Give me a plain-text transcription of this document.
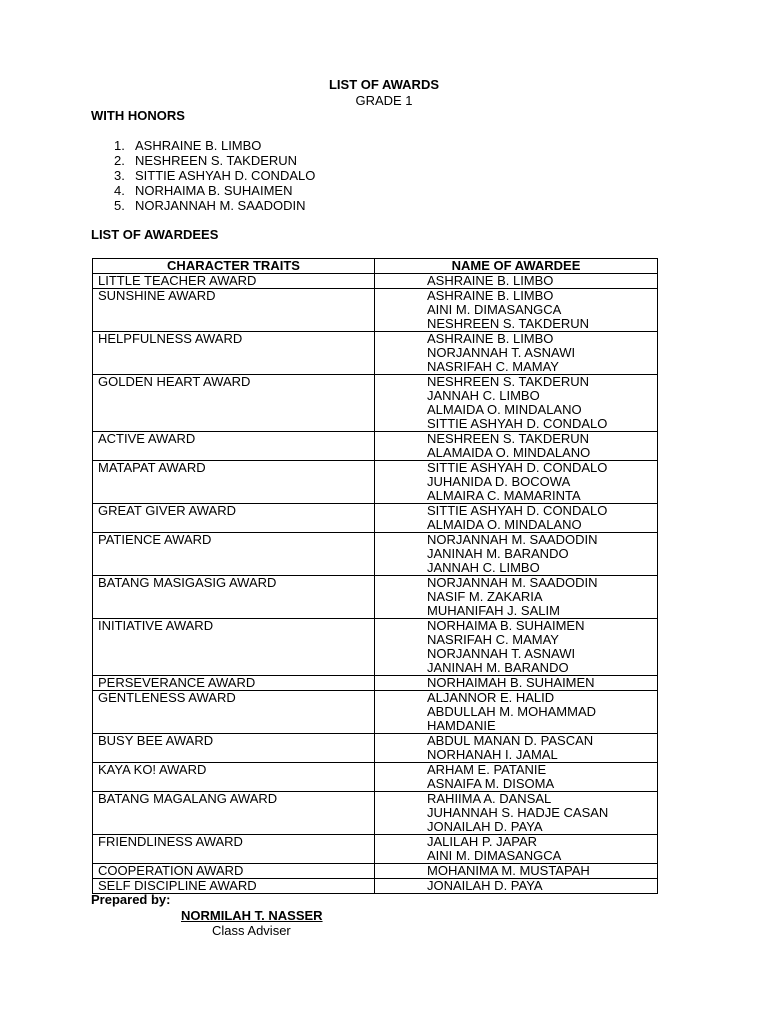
LIST OF AWARDS
GRADE 1
WITH HONORS
1. ASHRAINE B. LIMBO
2. NESHREEN S. TAKDERUN
3. SITTIE ASHYAH D. CONDALO
4. NORHAIMA B. SUHAIMEN
5. NORJANNAH M. SAADODIN
LIST OF AWARDEES
CHARACTER TRAITS	NAME OF AWARDEE
LITTLE TEACHER AWARD	ASHRAINE B. LIMBO

SUNSHINE AWARD	ASHRAINE B. LIMBO
AINI M. DIMASANGCA
NESHREEN S. TAKDERUN

HELPFULNESS AWARD	ASHRAINE B. LIMBO
NORJANNAH T. ASNAWI
NASRIFAH C. MAMAY

GOLDEN HEART AWARD	NESHREEN S. TAKDERUN
JANNAH C. LIMBO
ALMAIDA O. MINDALANO
SITTIE ASHYAH D. CONDALO

ACTIVE AWARD	NESHREEN S. TAKDERUN
ALAMAIDA O. MINDALANO

MATAPAT AWARD	SITTIE ASHYAH D. CONDALO
JUHANIDA D. BOCOWA
ALMAIRA C. MAMARINTA

GREAT GIVER AWARD	SITTIE ASHYAH D. CONDALO
ALMAIDA O. MINDALANO

PATIENCE AWARD	NORJANNAH M. SAADODIN
JANINAH M. BARANDO
JANNAH C. LIMBO

BATANG MASIGASIG AWARD	NORJANNAH M. SAADODIN
NASIF M. ZAKARIA
MUHANIFAH J. SALIM

INITIATIVE AWARD	NORHAIMA B. SUHAIMEN
NASRIFAH C. MAMAY
NORJANNAH T. ASNAWI
JANINAH M. BARANDO

PERSEVERANCE AWARD	NORHAIMAH B. SUHAIMEN

GENTLENESS AWARD	ALJANNOR E. HALID
ABDULLAH M. MOHAMMAD
HAMDANIE

BUSY BEE AWARD	ABDUL MANAN D. PASCAN
NORHANAH I. JAMAL

KAYA KO! AWARD	ARHAM E. PATANIE
ASNAIFA M. DISOMA

BATANG MAGALANG AWARD	RAHIIMA A. DANSAL
JUHANNAH S. HADJE CASAN
JONAILAH D. PAYA

FRIENDLINESS AWARD	JALILAH P. JAPAR
AINI M. DIMASANGCA

COOPERATION AWARD	MOHANIMA M. MUSTAPAH

SELF DISCIPLINE AWARD	JONAILAH D. PAYA
Prepared by:
NORMILAH T. NASSER
Class Adviser
